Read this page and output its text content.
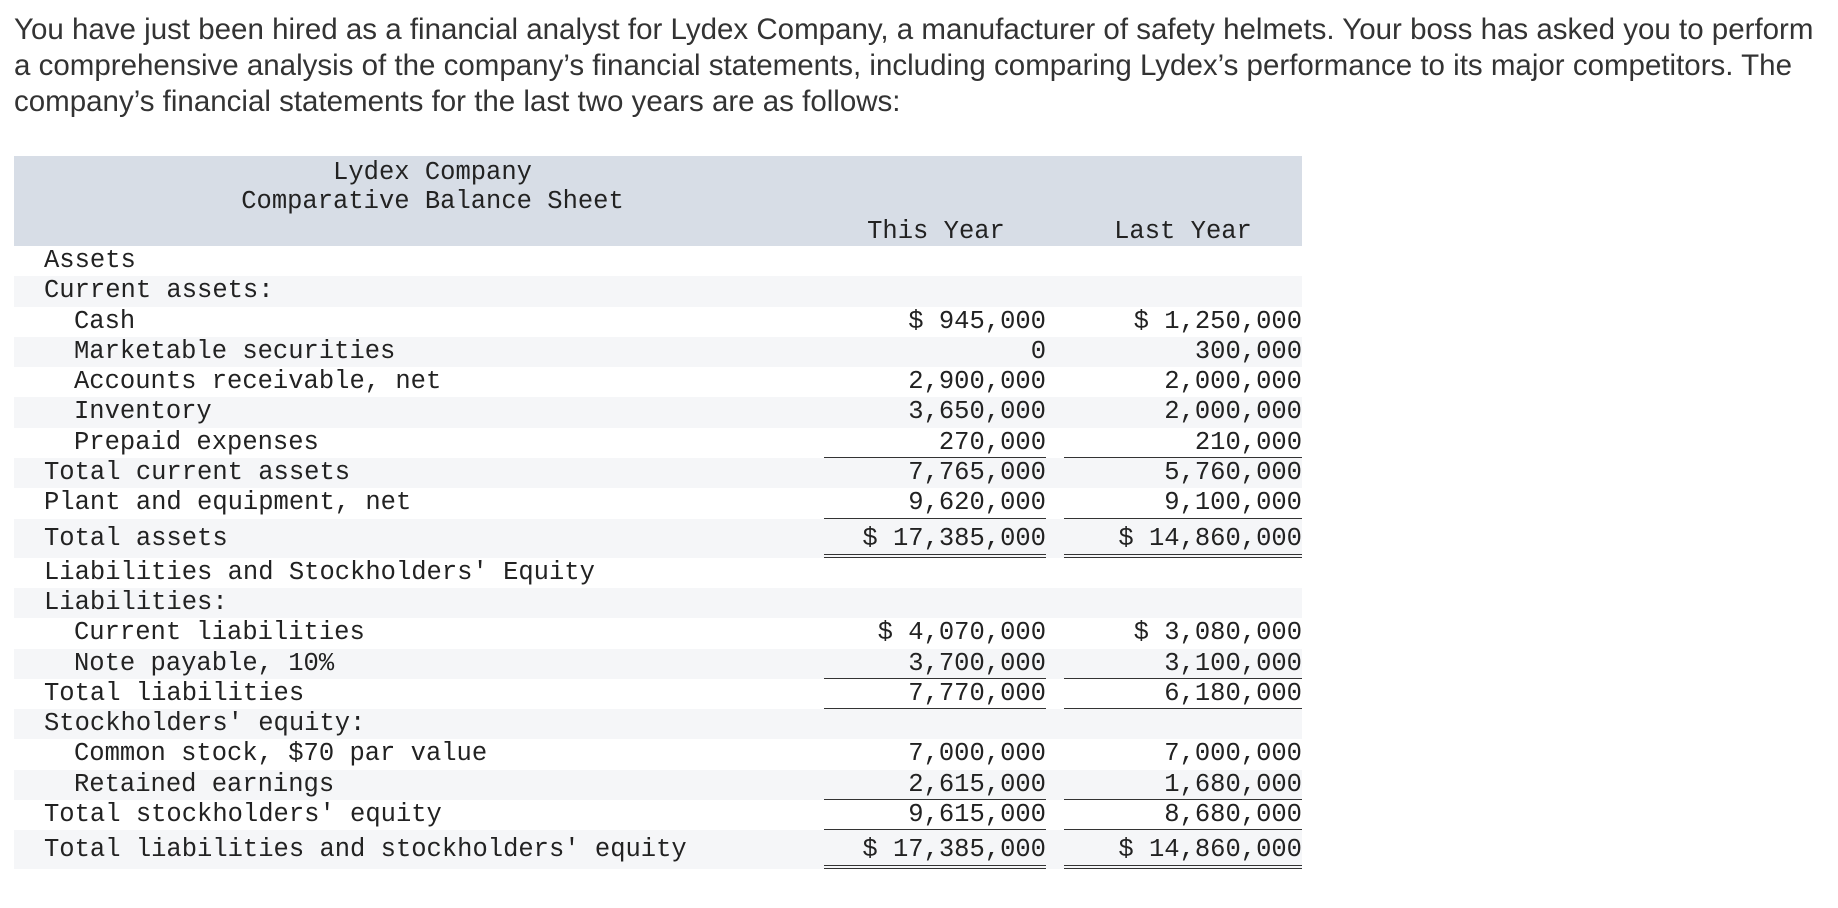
You have just been hired as a financial analyst for Lydex Company, a manufacturer of safety helmets. Your boss has asked you to perform a comprehensive analysis of the company’s financial statements, including comparing Lydex’s performance to its major competitors. The company’s financial statements for the last two years are as follows:

Lydex Company
Comparative Balance Sheet
This Year	Last Year
Assets
Current assets:
Cash	$ 945,000	$ 1,250,000
Marketable securities	0	300,000
Accounts receivable, net	2,900,000	2,000,000
Inventory	3,650,000	2,000,000
Prepaid expenses	270,000	210,000
Total current assets	7,765,000	5,760,000
Plant and equipment, net	9,620,000	9,100,000
Total assets	$ 17,385,000	$ 14,860,000
Liabilities and Stockholders' Equity
Liabilities:
Current liabilities	$ 4,070,000	$ 3,080,000
Note payable, 10%	3,700,000	3,100,000
Total liabilities	7,770,000	6,180,000
Stockholders' equity:
Common stock, $70 par value	7,000,000	7,000,000
Retained earnings	2,615,000	1,680,000
Total stockholders' equity	9,615,000	8,680,000
Total liabilities and stockholders' equity	$ 17,385,000	$ 14,860,000
